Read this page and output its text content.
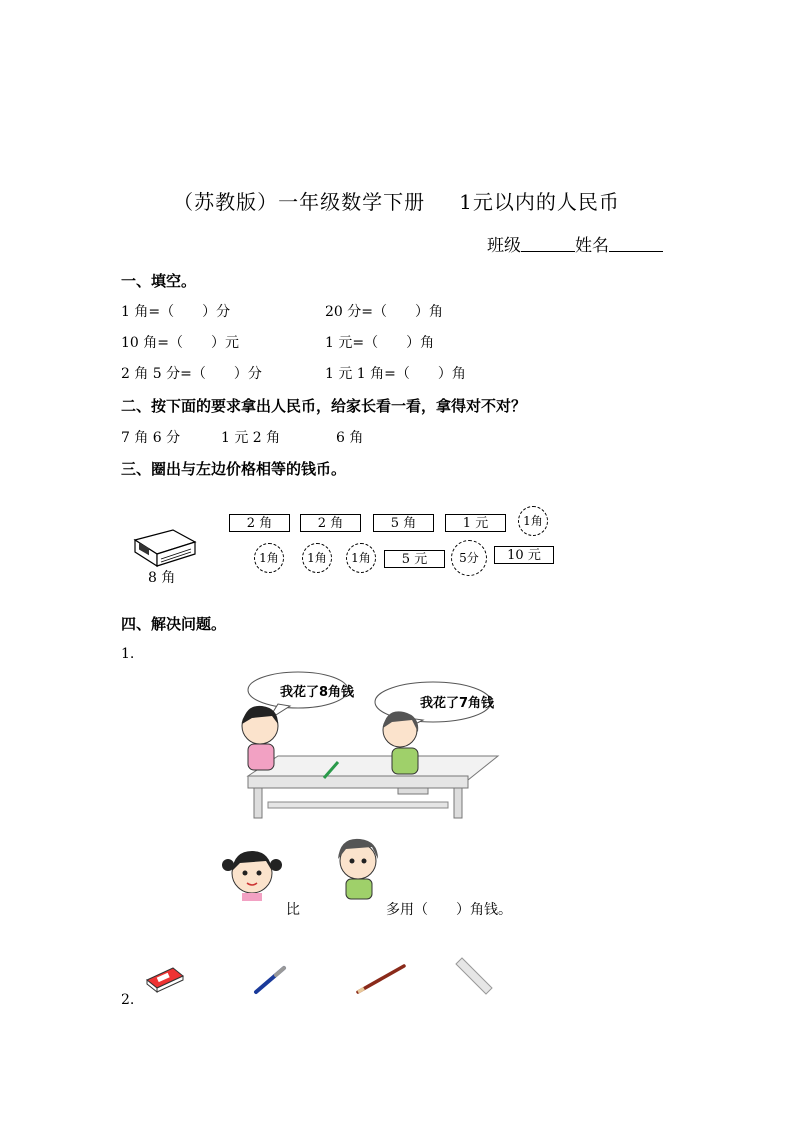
（苏教版）一年级数学下册 1元以内的人民币
班级	姓名
一、填空。
1 角=（　　）分	20 分=（　　）角
10 角=（　　）元	1 元=（　　）角
2 角 5 分=（　　）分	1 元 1 角=（　　）角
二、按下面的要求拿出人民币，给家长看一看，拿得对不对？
7 角 6 分	1 元 2 角	6 角
三、圈出与左边价格相等的钱币。
8 角
2 角	2 角	5 角	1 元	1角
1角	1角	1角	5 元	5分	10 元
四、解决问题。
1.
我花了8角钱
我花了7角钱
比	多用（　　）角钱。
2.
